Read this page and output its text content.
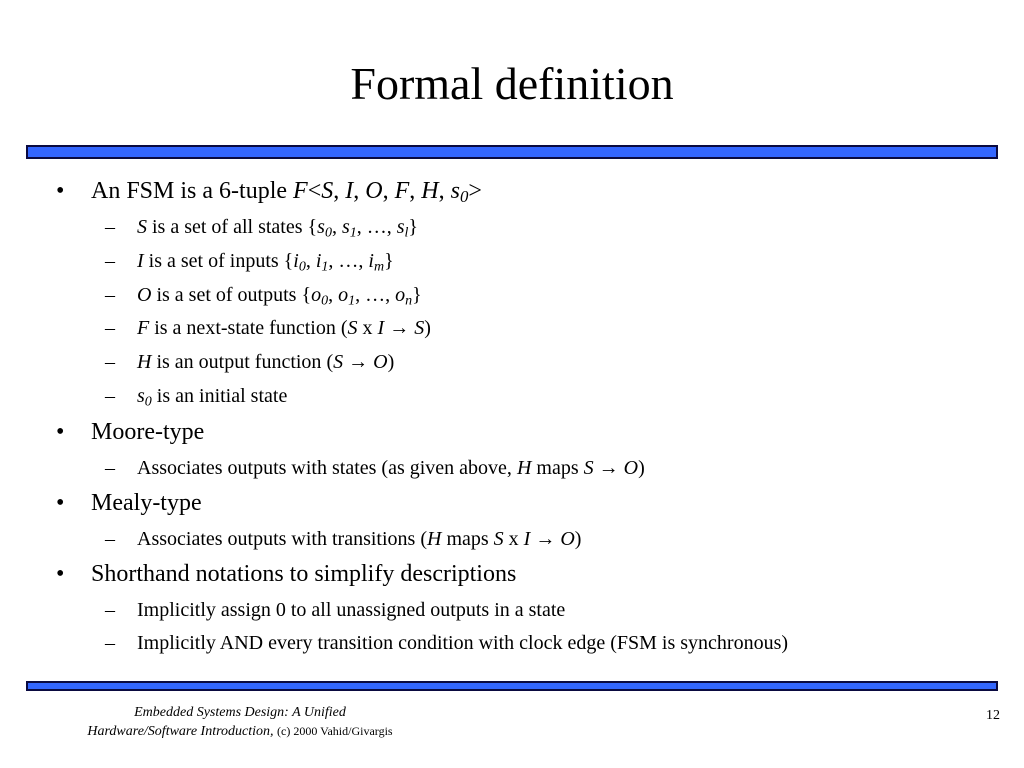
Formal definition
• An FSM is a 6-tuple F<S, I, O, F, H, $s_0>$
– S is a set of all states {$s_0$, $s_1$, …, $s_l$}
– I is a set of inputs {$i_0$, $i_1$, …, $i_m$}
– O is a set of outputs {$o_0$, $o_1$, …, $o_n$}
– F is a next-state function (S x I → S)
– H is an output function (S → O)
– $s_0$ is an initial state
• Moore-type
– Associates outputs with states (as given above, H maps S → O)
• Mealy-type
– Associates outputs with transitions (H maps S x I → O)
• Shorthand notations to simplify descriptions
– Implicitly assign 0 to all unassigned outputs in a state
– Implicitly AND every transition condition with clock edge (FSM is synchronous)
Embedded Systems Design: A Unified
Hardware/Software Introduction, (c) 2000 Vahid/Givargis
12
